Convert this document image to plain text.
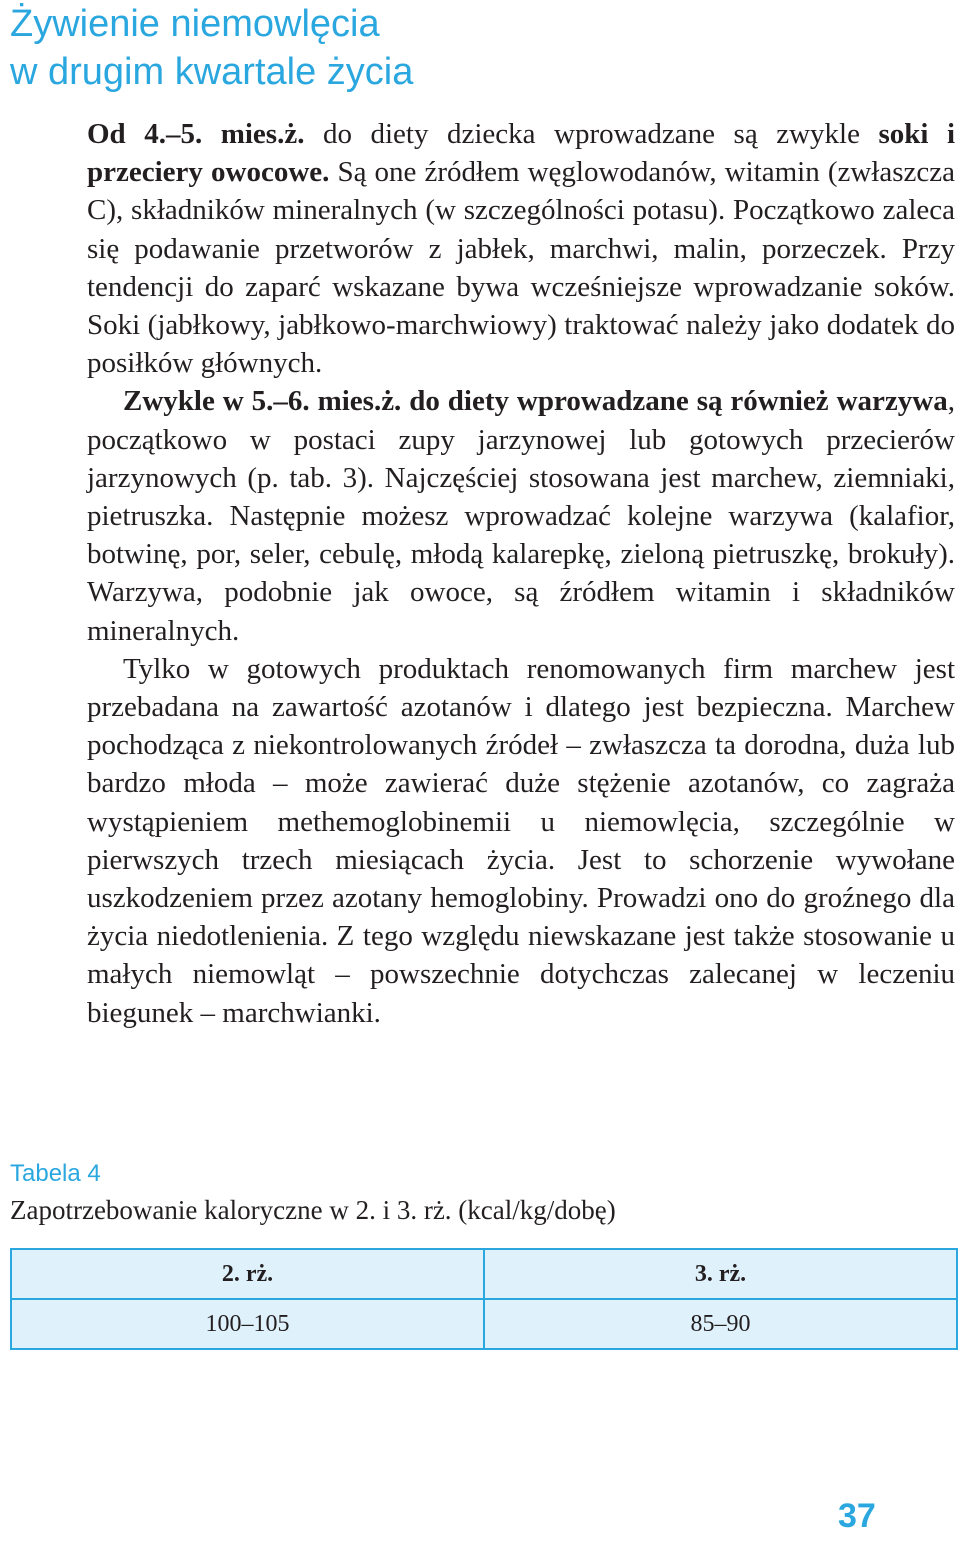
Żywienie niemowlęcia
w drugim kwartale życia

Od 4.–5. mies.ż. do diety dziecka wprowadzane są zwykle soki i przeciery owocowe. Są one źródłem węglowodanów, witamin (zwłaszcza C), składników mineralnych (w szczególności potasu). Początkowo zaleca się podawanie przetworów z jabłek, marchwi, malin, porzeczek. Przy tendencji do zaparć wskazane bywa wcześniejsze wprowadzanie soków. Soki (jabłkowy, jabłkowo-marchwiowy) traktować należy jako dodatek do posiłków głównych.

Zwykle w 5.–6. mies.ż. do diety wprowadzane są również warzywa, początkowo w postaci zupy jarzynowej lub gotowych przecierów jarzynowych (p. tab. 3). Najczęściej stosowana jest marchew, ziemniaki, pietruszka. Następnie możesz wprowadzać kolejne warzywa (kalafior, botwinę, por, seler, cebulę, młodą kalarepkę, zieloną pietruszkę, brokuły). Warzywa, podobnie jak owoce, są źródłem witamin i składników mineralnych.

Tylko w gotowych produktach renomowanych firm marchew jest przebadana na zawartość azotanów i dlatego jest bezpieczna. Marchew pochodząca z niekontrolowanych źródeł – zwłaszcza ta dorodna, duża lub bardzo młoda – może zawierać duże stężenie azotanów, co zagraża wystąpieniem methemoglobinemii u niemowlęcia, szczególnie w pierwszych trzech miesiącach życia. Jest to schorzenie wywołane uszkodzeniem przez azotany hemoglobiny. Prowadzi ono do groźnego dla życia niedotlenienia. Z tego względu niewskazane jest także stosowanie u małych niemowląt – powszechnie dotychczas zalecanej w leczeniu biegunek – marchwianki.

Tabela 4
Zapotrzebowanie kaloryczne w 2. i 3. rż. (kcal/kg/dobę)
2. rż.	3. rż.
100–105	85–90
37
